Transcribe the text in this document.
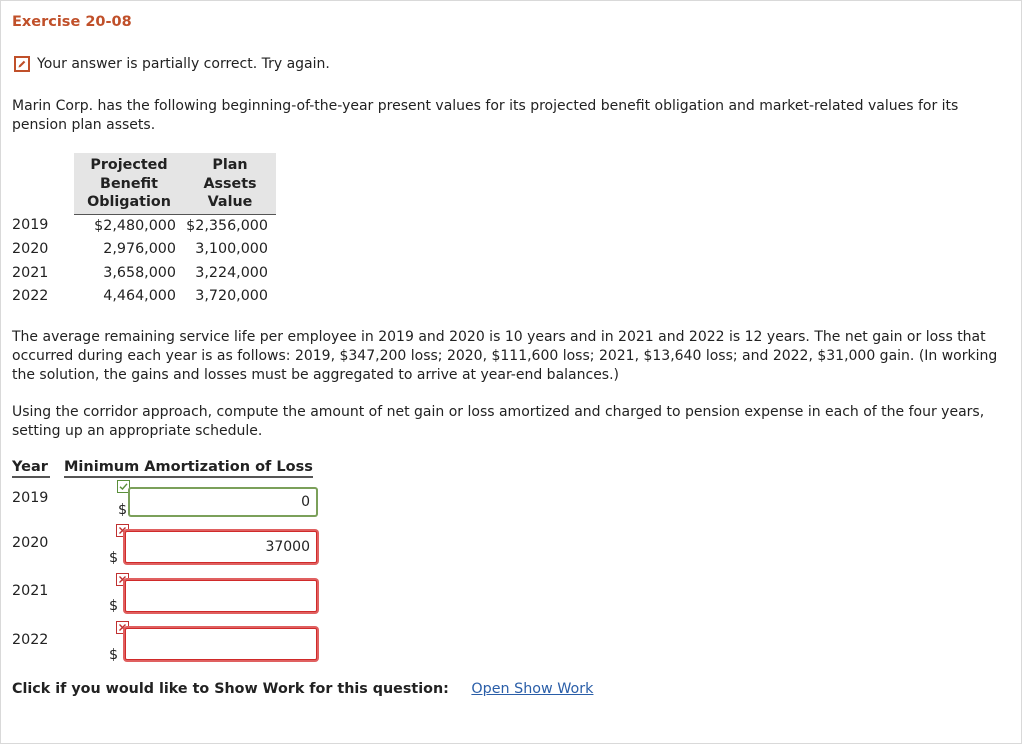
Exercise 20-08
Your answer is partially correct. Try again.

Marin Corp. has the following beginning-of-the-year present values for its projected benefit obligation and market-related values for its pension plan assets.

	Projected
Benefit
Obligation	Plan
Assets
Value
2019	$2,480,000	$2,356,000
2020	2,976,000	3,100,000
2021	3,658,000	3,224,000
2022	4,464,000	3,720,000

The average remaining service life per employee in 2019 and 2020 is 10 years and in 2021 and 2022 is 12 years. The net gain or loss that occurred during each year is as follows: 2019, $347,200 loss; 2020, $111,600 loss; 2021, $13,640 loss; and 2022, $31,000 gain. (In working the solution, the gains and losses must be aggregated to arrive at year-end balances.)

Using the corridor approach, compute the amount of net gain or loss amortized and charged to pension expense in each of the four years, setting up an appropriate schedule.

Year Minimum Amortization of Loss
2019
$
0
2020
$
37000
2021
$
2022
$
Click if you would like to Show Work for this question: Open Show Work
